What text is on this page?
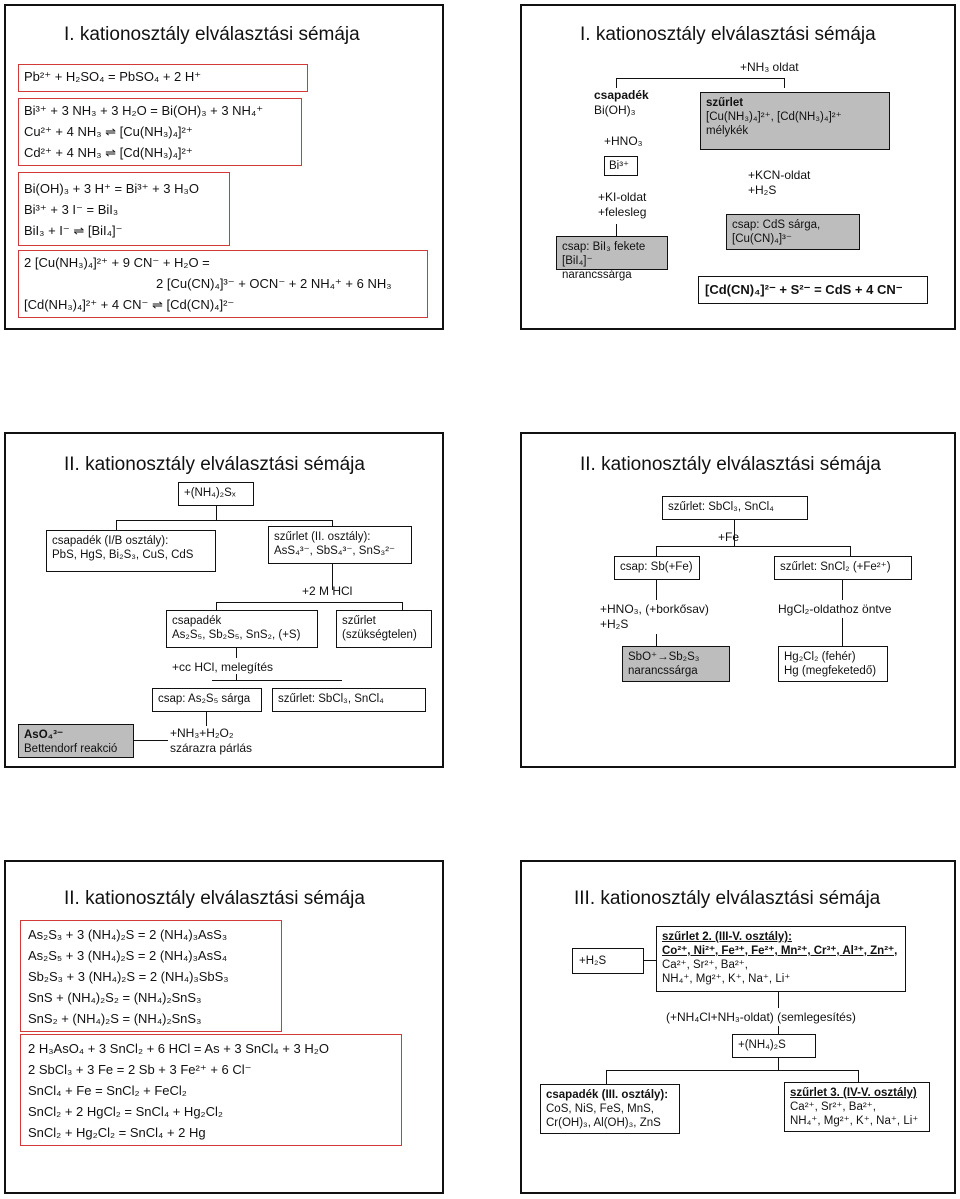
I. kationosztály elválasztási sémája
Pb²⁺ + H₂SO₄ = PbSO₄ + 2 H⁺
Bi³⁺ + 3 NH₃ + 3 H₂O = Bi(OH)₃ + 3 NH₄⁺
Cu²⁺ + 4 NH₃ ⇌ [Cu(NH₃)₄]²⁺
Cd²⁺ + 4 NH₃ ⇌ [Cd(NH₃)₄]²⁺
Bi(OH)₃ + 3 H⁺ = Bi³⁺ + 3 H₃O
Bi³⁺ + 3 I⁻ = BiI₃
BiI₃ + I⁻ ⇌ [BiI₄]⁻
2 [Cu(NH₃)₄]²⁺ + 9 CN⁻ + H₂O =
2 [Cu(CN)₄]³⁻ + OCN⁻ + 2 NH₄⁺ + 6 NH₃
[Cd(NH₃)₄]²⁺ + 4 CN⁻ ⇌ [Cd(CN)₄]²⁻
I. kationosztály elválasztási sémája
+NH₃ oldat
csapadék
Bi(OH)₃
+HNO₃
Bi³⁺
+KI-oldat
+felesleg
csap: BiI₃ fekete
[BiI₄]⁻ narancssárga
szűrlet
[Cu(NH₃)₄]²⁺, [Cd(NH₃)₄]²⁺
mélykék
+KCN-oldat
+H₂S
csap: CdS sárga,
[Cu(CN)₄]³⁻
[Cd(CN)₄]²⁻ + S²⁻ = CdS + 4 CN⁻
II. kationosztály elválasztási sémája
+(NH₄)₂Sₓ
csapadék (I/B osztály):
PbS, HgS, Bi₂S₃, CuS, CdS
szűrlet (II. osztály):
AsS₄³⁻, SbS₄³⁻, SnS₃²⁻
+2 M HCl
csapadék
As₂S₅, Sb₂S₅, SnS₂, (+S)
szűrlet
(szükségtelen)
+cc HCl, melegítés
csap: As₂S₅ sárga	szűrlet: SbCl₃, SnCl₄
AsO₄³⁻
Bettendorf reakció
+NH₃+H₂O₂
szárazra párlás
II. kationosztály elválasztási sémája
szűrlet: SbCl₃, SnCl₄
+Fe
csap: Sb(+Fe)	szűrlet: SnCl₂ (+Fe²⁺)
+HNO₃, (+borkősav)
+H₂S
HgCl₂-oldathoz öntve
SbO⁺→Sb₂S₃
narancssárga
Hg₂Cl₂ (fehér)
Hg (megfeketedő)
II. kationosztály elválasztási sémája
As₂S₃ + 3 (NH₄)₂S = 2 (NH₄)₃AsS₃
As₂S₅ + 3 (NH₄)₂S = 2 (NH₄)₃AsS₄
Sb₂S₃ + 3 (NH₄)₂S = 2 (NH₄)₃SbS₃
SnS + (NH₄)₂S₂ = (NH₄)₂SnS₃
SnS₂ + (NH₄)₂S = (NH₄)₂SnS₃
2 H₃AsO₄ + 3 SnCl₂ + 6 HCl = As + 3 SnCl₄ + 3 H₂O
2 SbCl₃ + 3 Fe = 2 Sb + 3 Fe²⁺ + 6 Cl⁻
SnCl₄ + Fe = SnCl₂ + FeCl₂
SnCl₂ + 2 HgCl₂ = SnCl₄ + Hg₂Cl₂
SnCl₂ + Hg₂Cl₂ = SnCl₄ + 2 Hg
III. kationosztály elválasztási sémája
+H₂S
szűrlet 2. (III-V. osztály):
Co²⁺, Ni²⁺, Fe³⁺, Fe²⁺, Mn²⁺, Cr³⁺, Al³⁺, Zn²⁺,
Ca²⁺, Sr²⁺, Ba²⁺,
NH₄⁺, Mg²⁺, K⁺, Na⁺, Li⁺
(+NH₄Cl+NH₃-oldat) (semlegesítés)
+(NH₄)₂S
csapadék (III. osztály):
CoS, NiS, FeS, MnS,
Cr(OH)₃, Al(OH)₃, ZnS
szűrlet 3. (IV-V. osztály)
Ca²⁺, Sr²⁺, Ba²⁺,
NH₄⁺, Mg²⁺, K⁺, Na⁺, Li⁺
